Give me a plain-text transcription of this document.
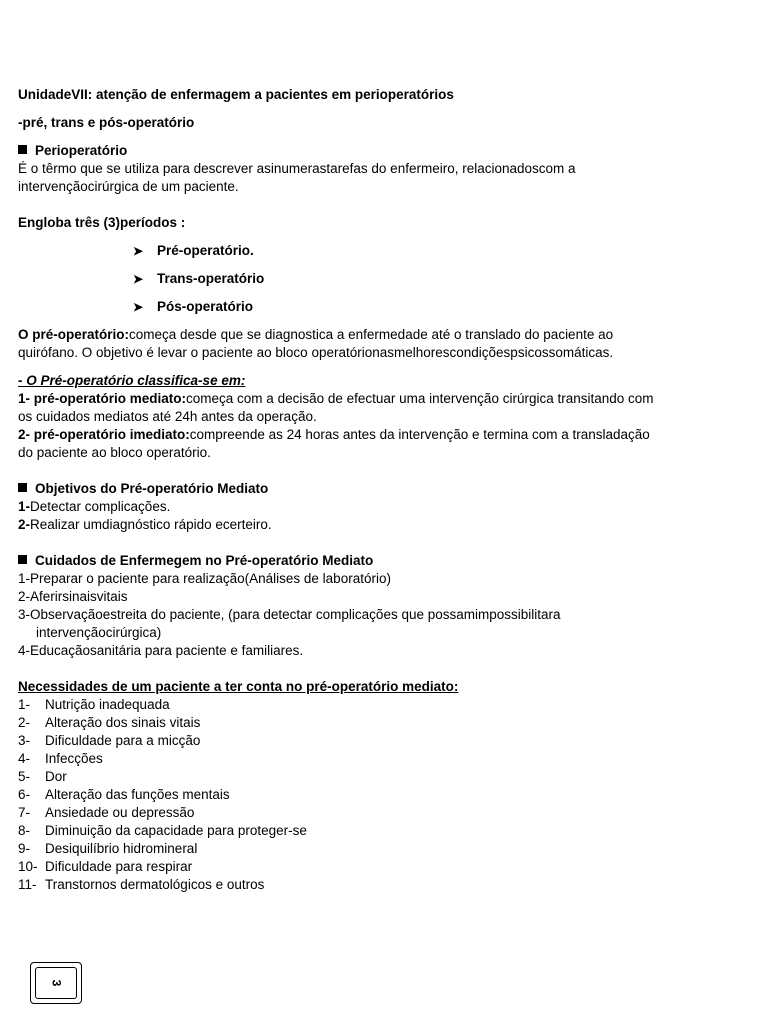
UnidadeVII: atenção de enfermagem a pacientes em perioperatórios
-pré, trans e pós-operatório
Perioperatório
É o têrmo que se utiliza para descrever asinumerastarefas do enfermeiro, relacionadoscom a
intervençãocirúrgica de um paciente.
Engloba três (3)períodos :
➤ Pré-operatório.
➤ Trans-operatório
➤ Pós-operatório
O pré-operatório:começa desde que se diagnostica a enfermedade até o translado do paciente ao
quirófano. O objetivo é levar o paciente ao bloco operatórionasmelhorescondiçõespsicossomáticas.
- O Pré-operatório classifica-se em:
1- pré-operatório mediato:começa com a decisão de efectuar uma intervenção cirúrgica transitando com
os cuidados mediatos até 24h antes da operação.
2- pré-operatório imediato:compreende as 24 horas antes da intervenção e termina com a transladação
do paciente ao bloco operatório.
Objetivos do Pré-operatório Mediato
1-Detectar complicações.
2-Realizar umdiagnóstico rápido ecerteiro.
Cuidados de Enfermegem no Pré-operatório Mediato
1-Preparar o paciente para realização(Análises de laboratório)
2-Aferirsinaisvitais
3-Observaçãoestreita do paciente, (para detectar complicações que possamimpossibilitara
intervençãocirúrgica)
4-Educaçãosanitária para paciente e familiares.
Necessidades de um paciente a ter conta no pré-operatório mediato:
1- Nutrição inadequada
2- Alteração dos sinais vitais
3- Dificuldade para a micção
4- Infecções
5- Dor
6- Alteração das funções mentais
7- Ansiedade ou depressão
8- Diminuição da capacidade para proteger-se
9- Desiquilíbrio hidromineral
10- Dificuldade para respirar
11- Transtornos dermatológicos e outros
3
